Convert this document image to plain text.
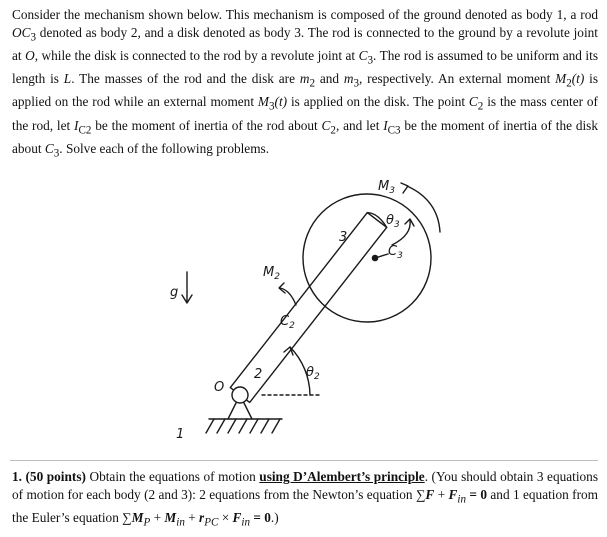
Consider the mechanism shown below. This mechanism is composed of the ground denoted as body 1, a rod $OC_3$ denoted as body 2, and a disk denoted as body 3. The rod is connected to the ground by a revolute joint at O, while the disk is connected to the rod by a revolute joint at $C_3$. The rod is assumed to be uniform and its length is L. The masses of the rod and the disk are $m_2$ and $m_3$, respectively. An external moment $M_2(t)$ is applied on the rod while an external moment $M_3(t)$ is applied on the disk. The point $C_2$ is the mass center of the rod, let $I_{C2}$ be the moment of inertia of the rod about $C_2$, and let $I_{C3}$ be the moment of inertia of the disk about $C_3$. Solve each of the following problems.

g
$M_2$
$C_2$
2	$\theta_2$
O
1
3
$M_3$
$\theta_3$
$C_3$

1. (50 points) Obtain the equations of motion using D’Alembert’s principle. (You should obtain 3 equations of motion for each body (2 and 3): 2 equations from the Newton’s equation $\sum F + F_{in} = 0$ and 1 equation from the Euler’s equation $\sum M_P + M_{in} + r_{PC} \times F_{in} = 0$.)
